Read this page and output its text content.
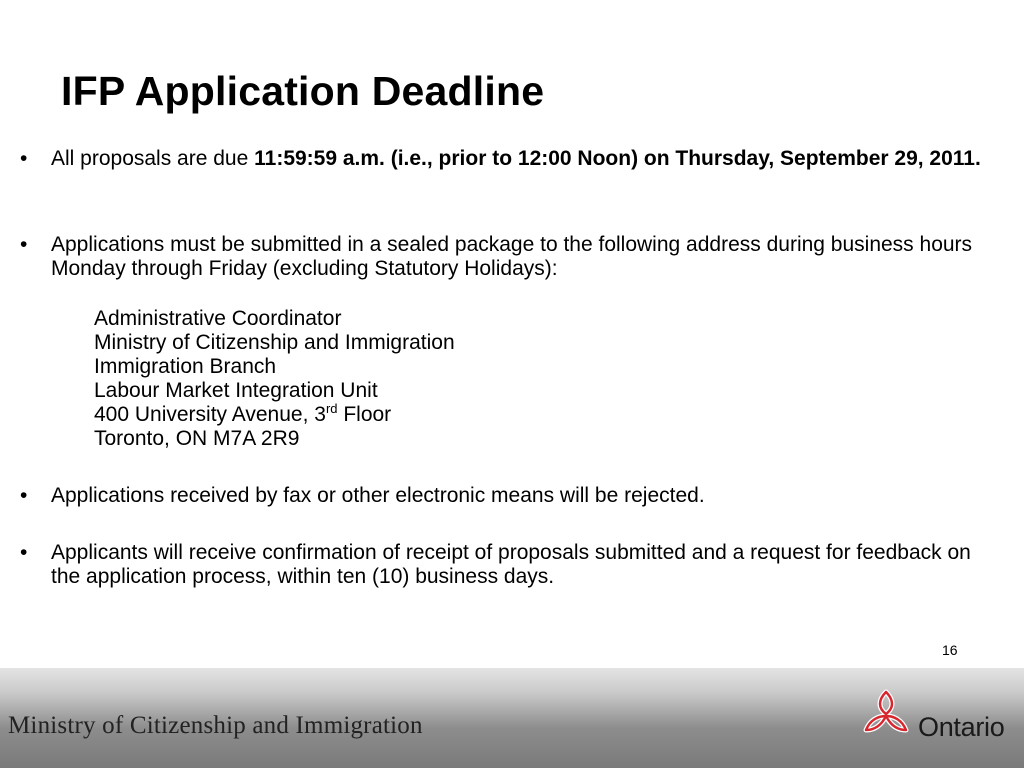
IFP Application Deadline
•	All proposals are due 11:59:59 a.m. (i.e., prior to 12:00 Noon) on Thursday, September 29, 2011.
•	Applications must be submitted in a sealed package to the following address during business hours Monday through Friday (excluding Statutory Holidays):
Administrative Coordinator
Ministry of Citizenship and Immigration
Immigration Branch
Labour Market Integration Unit
400 University Avenue, 3rd Floor
Toronto, ON M7A 2R9
•	Applications received by fax or other electronic means will be rejected.
•	Applicants will receive confirmation of receipt of proposals submitted and a request for feedback on the application process, within ten (10) business days.
16
Ministry of Citizenship and Immigration	Ontario
